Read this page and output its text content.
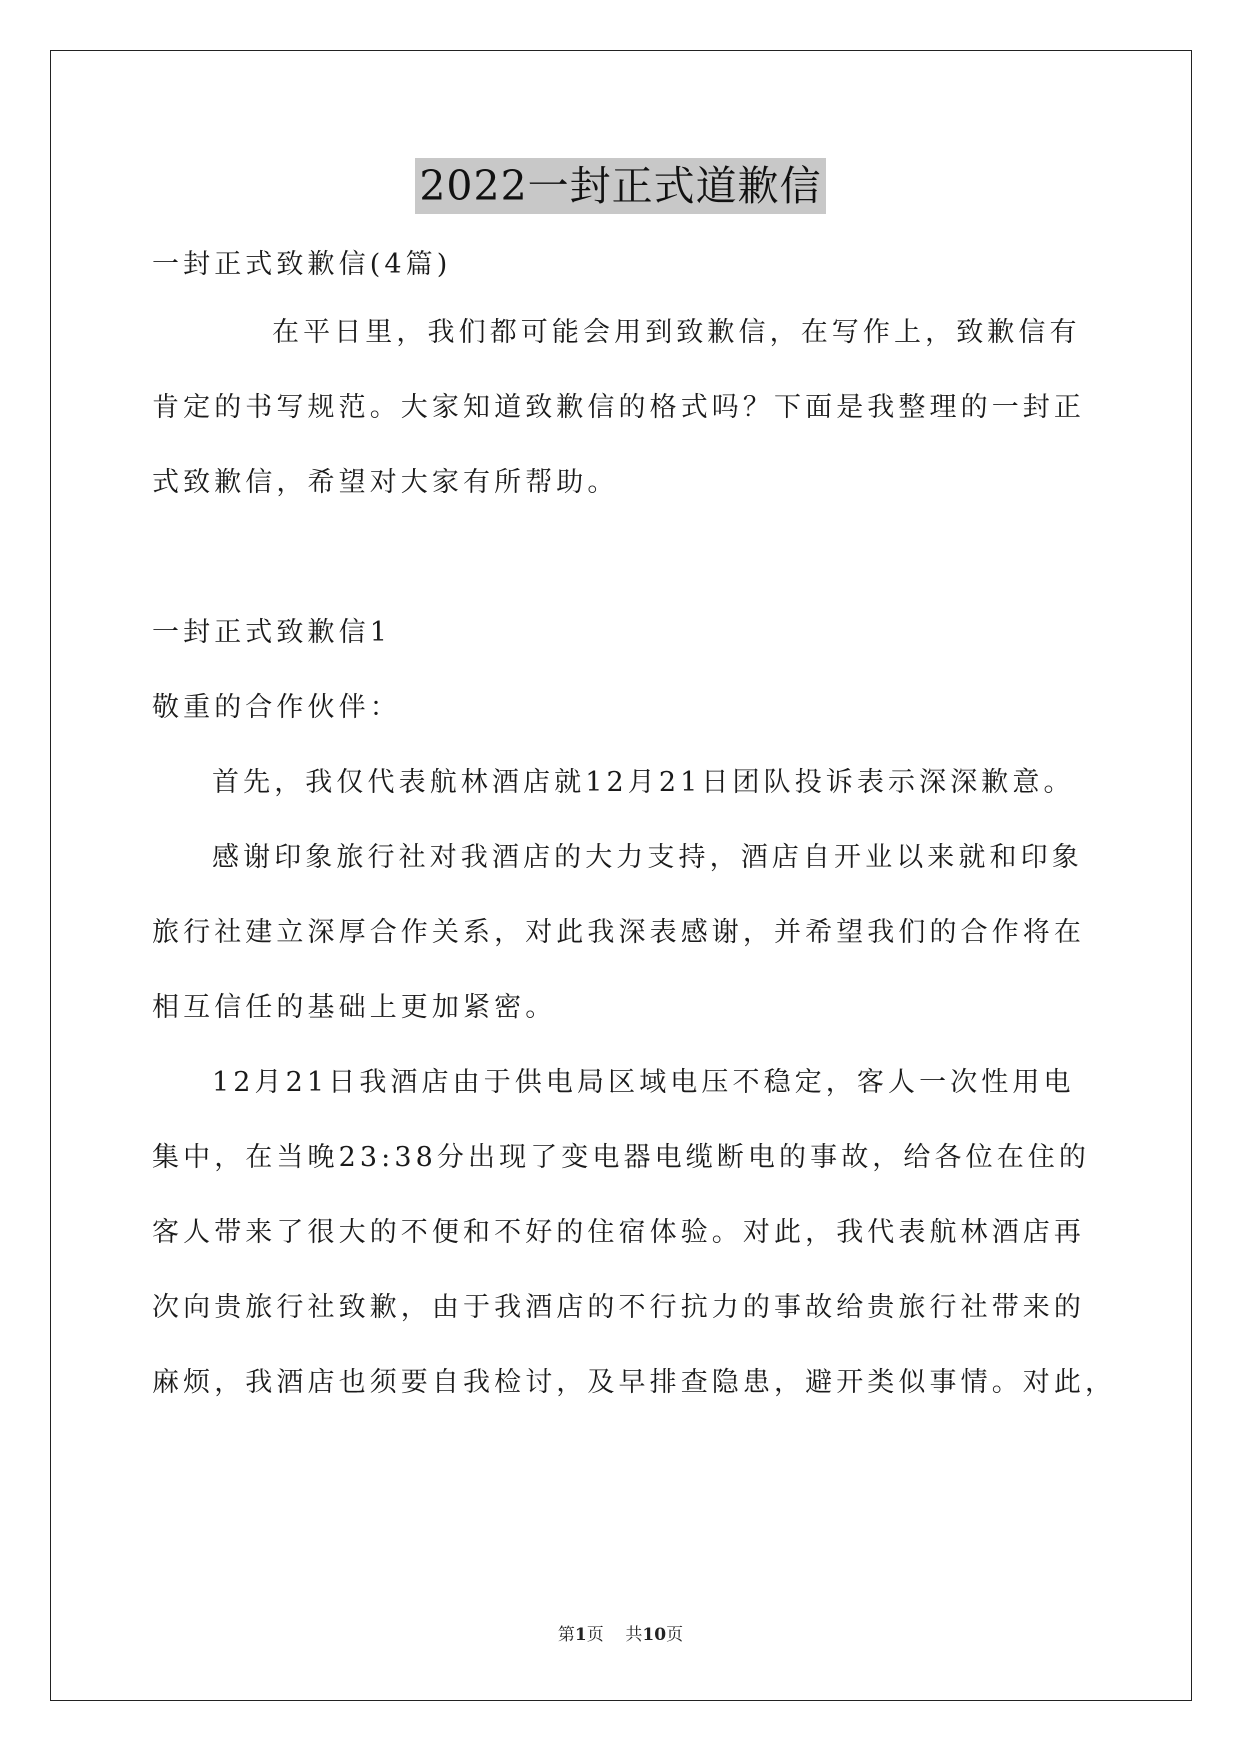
2022一封正式道歉信
一封正式致歉信(4篇)
在平日里，我们都可能会用到致歉信，在写作上，致歉信有
肯定的书写规范。大家知道致歉信的格式吗？下面是我整理的一封正
式致歉信，希望对大家有所帮助。
一封正式致歉信1
敬重的合作伙伴：
首先，我仅代表航林酒店就12月21日团队投诉表示深深歉意。
感谢印象旅行社对我酒店的大力支持，酒店自开业以来就和印象
旅行社建立深厚合作关系，对此我深表感谢，并希望我们的合作将在
相互信任的基础上更加紧密。
12月21日我酒店由于供电局区域电压不稳定，客人一次性用电
集中，在当晚23:38分出现了变电器电缆断电的事故，给各位在住的
客人带来了很大的不便和不好的住宿体验。对此，我代表航林酒店再
次向贵旅行社致歉，由于我酒店的不行抗力的事故给贵旅行社带来的
麻烦，我酒店也须要自我检讨，及早排查隐患，避开类似事情。对此，
第1页 共10页
